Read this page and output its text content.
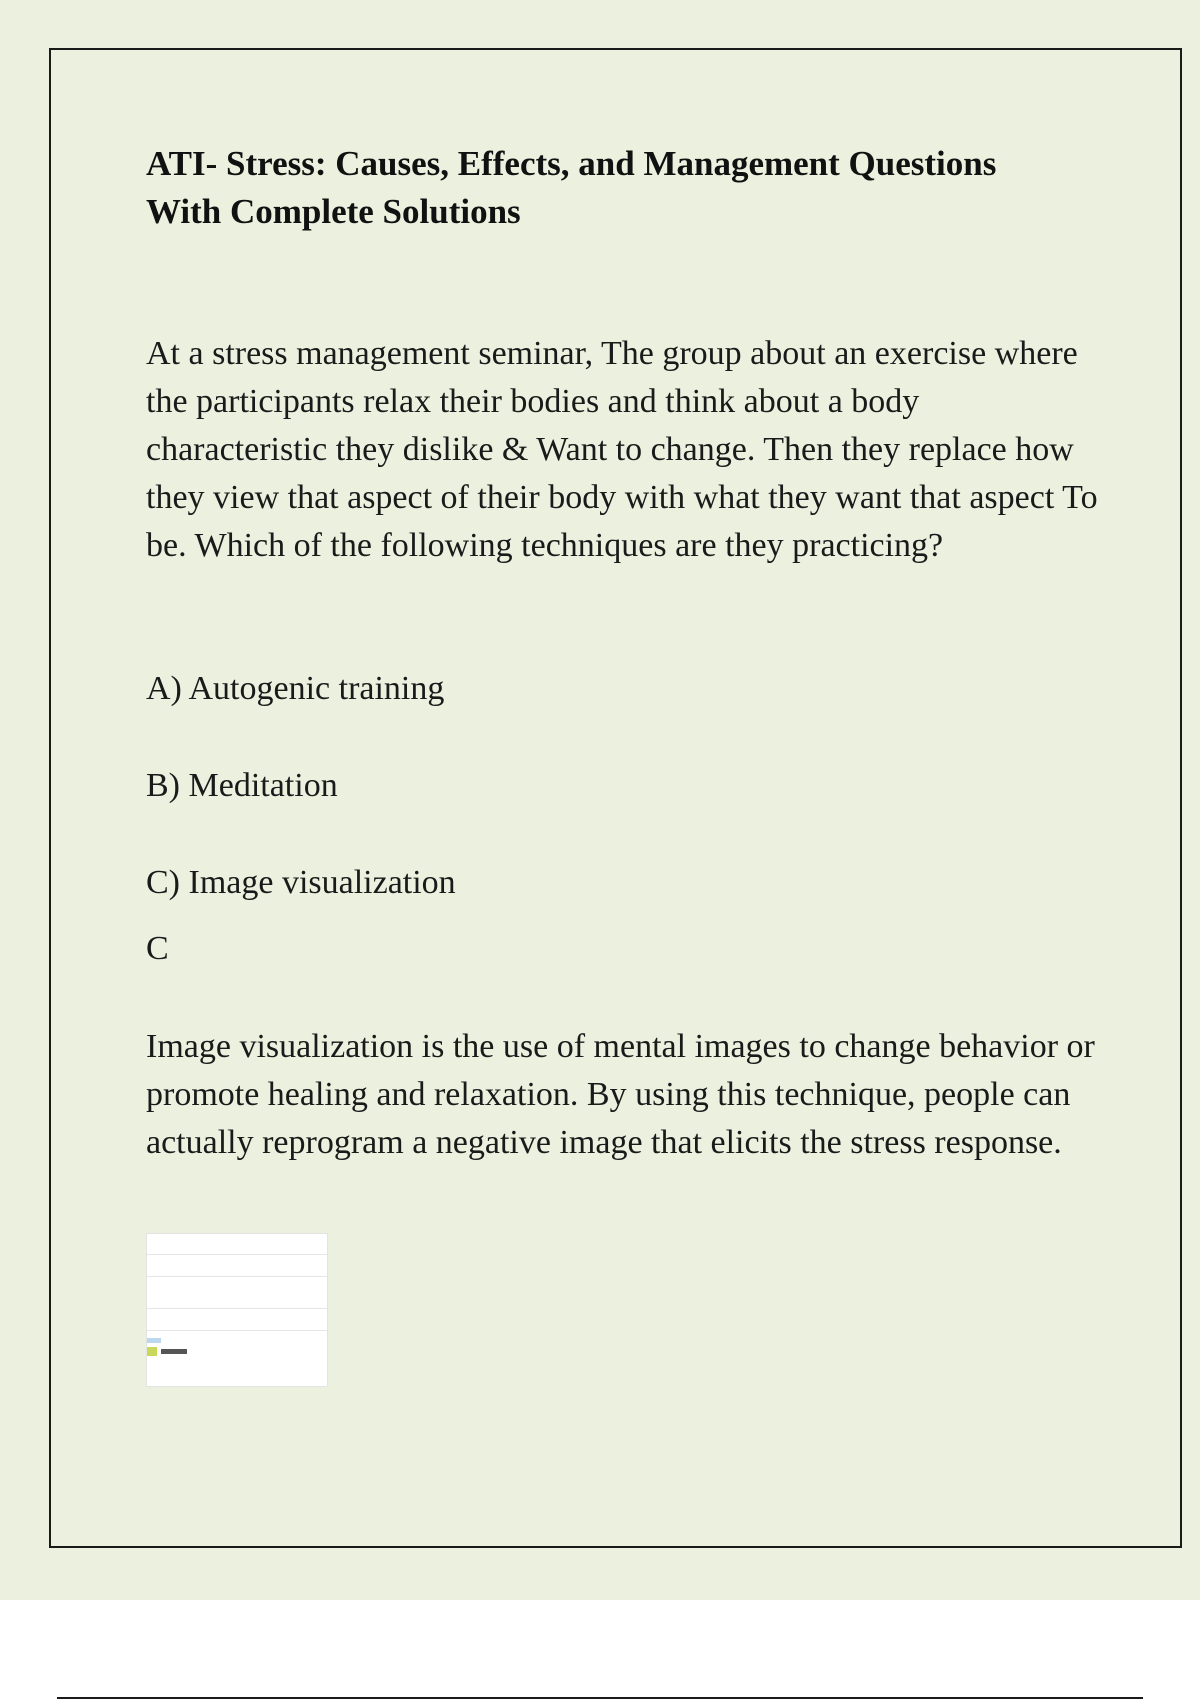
ATI- Stress: Causes, Effects, and Management Questions
With Complete Solutions

At a stress management seminar, The group about an exercise where the participants relax their bodies and think about a body characteristic they dislike & Want to change. Then they replace how they view that aspect of their body with what they want that aspect To be. Which of the following techniques are they practicing?

A) Autogenic training

B) Meditation

C) Image visualization

C

Image visualization is the use of mental images to change behavior or promote healing and relaxation. By using this technique, people can actually reprogram a negative image that elicits the stress response.
